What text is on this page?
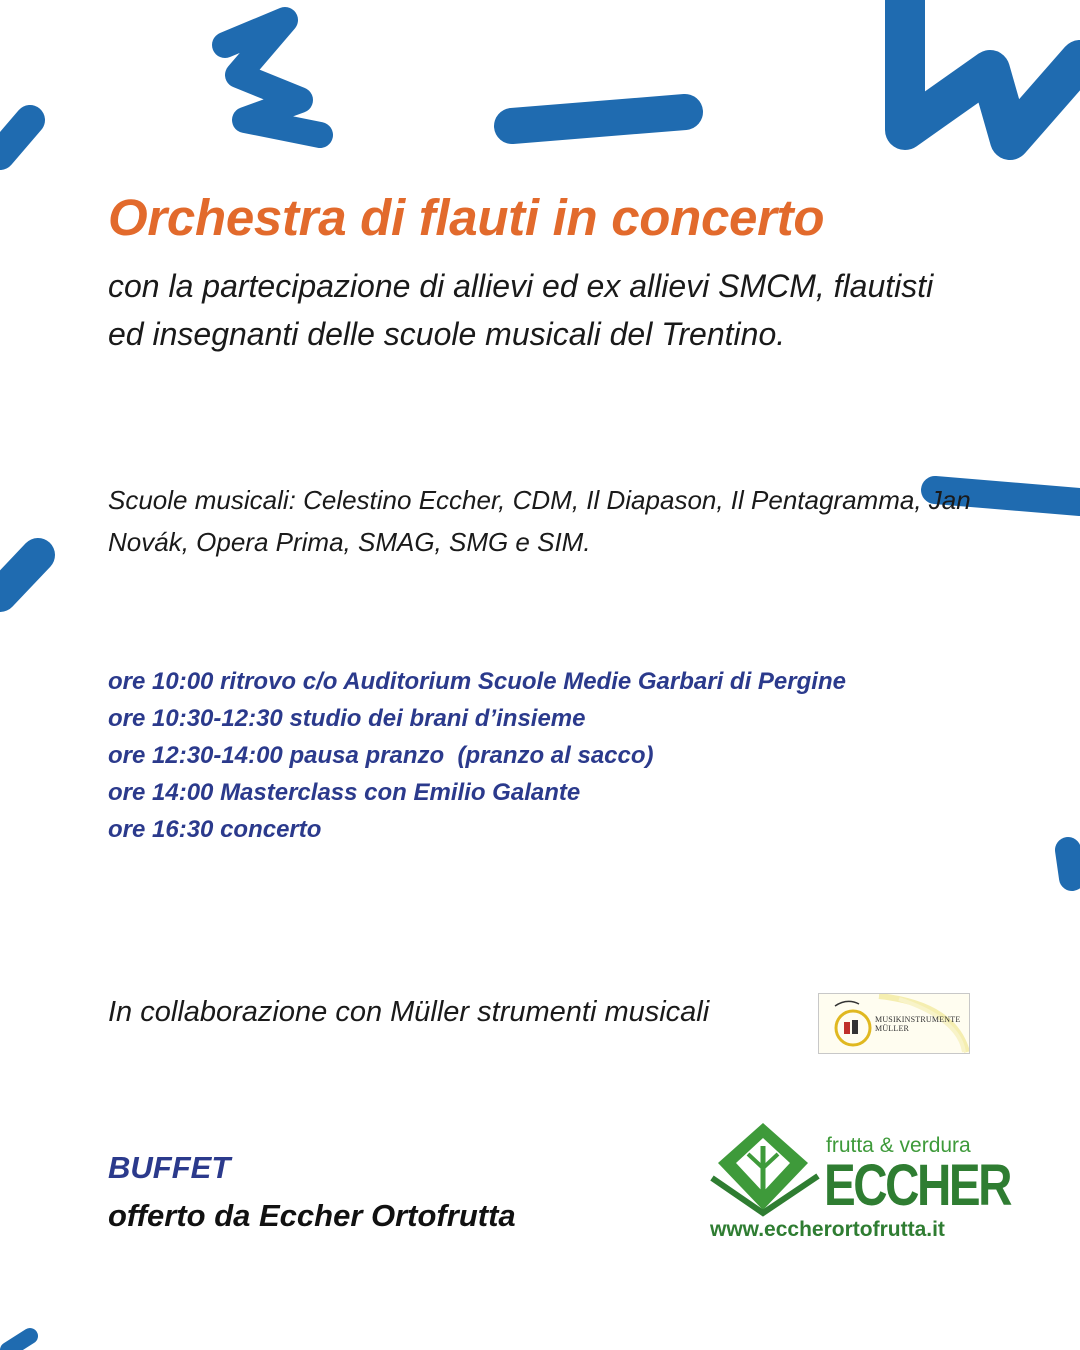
Orchestra di flauti in concerto

con la partecipazione di allievi ed ex allievi SMCM, flautisti ed insegnanti delle scuole musicali del Trentino.

Scuole musicali: Celestino Eccher, CDM, Il Diapason, Il Pentagramma, Jan Novák, Opera Prima, SMAG, SMG e SIM.

ore 10:00 ritrovo c/o Auditorium Scuole Medie Garbari di Pergine
ore 10:30-12:30 studio dei brani d’insieme
ore 12:30-14:00 pausa pranzo  (pranzo al sacco)
ore 14:00 Masterclass con Emilio Galante
ore 16:30 concerto

In collaborazione con Müller strumenti musicali	MUSIKINSTRUMENTE
MÜLLER

BUFFET

offerto da Eccher Ortofrutta

frutta & verdura
ECCHER
www.eccherortofrutta.it
